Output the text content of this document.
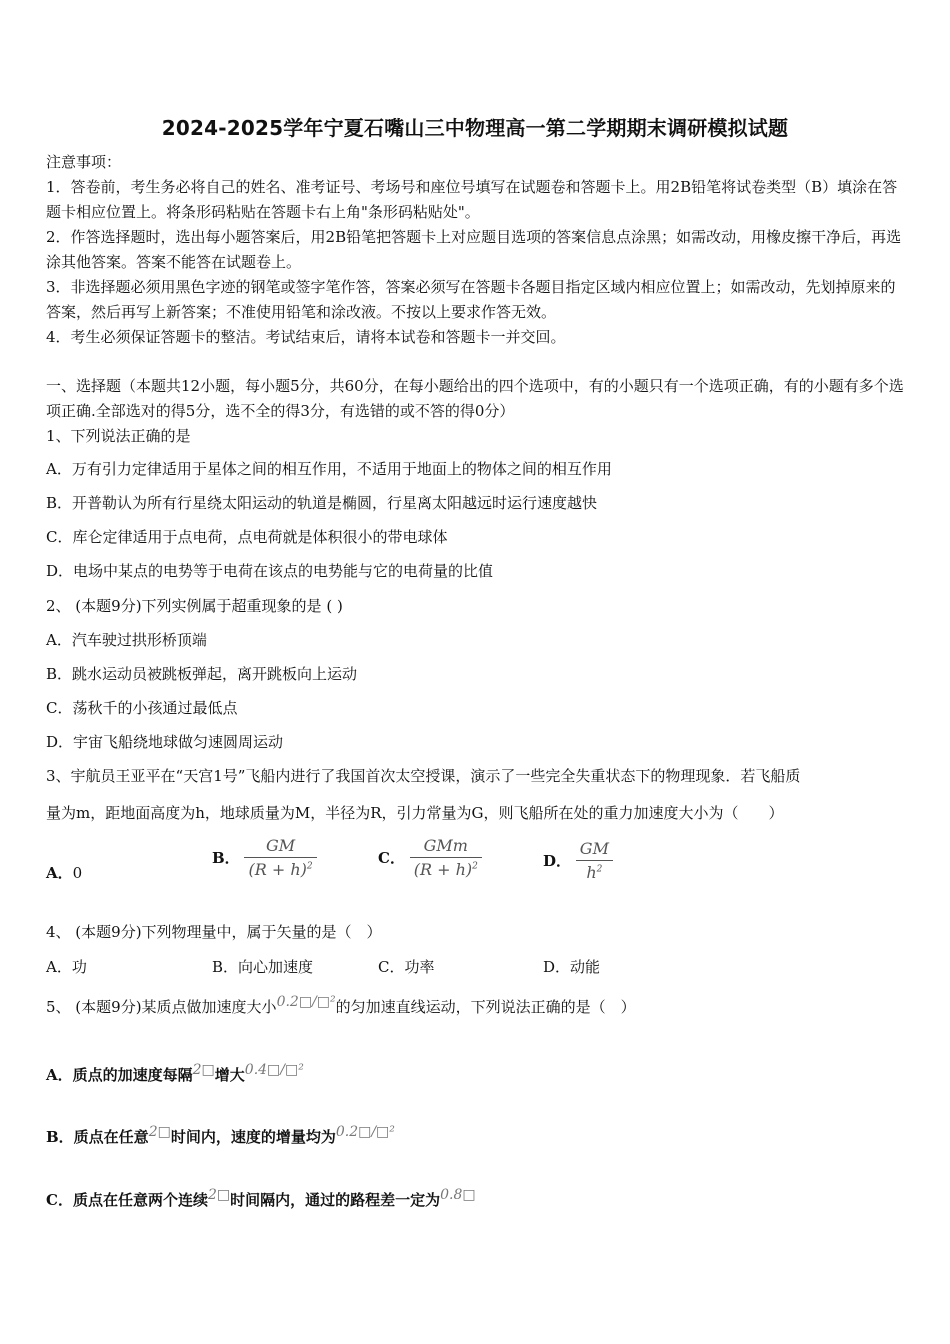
2024-2025学年宁夏石嘴山三中物理高一第二学期期末调研模拟试题
注意事项：
1．答卷前，考生务必将自己的姓名、准考证号、考场号和座位号填写在试题卷和答题卡上。用2B铅笔将试卷类型（B）填涂在答题卡相应位置上。将条形码粘贴在答题卡右上角"条形码粘贴处"。
2．作答选择题时，选出每小题答案后，用2B铅笔把答题卡上对应题目选项的答案信息点涂黑；如需改动，用橡皮擦干净后，再选涂其他答案。答案不能答在试题卷上。
3．非选择题必须用黑色字迹的钢笔或签字笔作答，答案必须写在答题卡各题目指定区域内相应位置上；如需改动，先划掉原来的答案，然后再写上新答案；不准使用铅笔和涂改液。不按以上要求作答无效。
4．考生必须保证答题卡的整洁。考试结束后，请将本试卷和答题卡一并交回。
一、选择题（本题共12小题，每小题5分，共60分，在每小题给出的四个选项中，有的小题只有一个选项正确，有的小题有多个选项正确.全部选对的得5分，选不全的得3分，有选错的或不答的得0分）
1、下列说法正确的是
A．万有引力定律适用于星体之间的相互作用，不适用于地面上的物体之间的相互作用
B．开普勒认为所有行星绕太阳运动的轨道是椭圆，行星离太阳越远时运行速度越快
C．库仑定律适用于点电荷，点电荷就是体积很小的带电球体
D．电场中某点的电势等于电荷在该点的电势能与它的电荷量的比值
2、 (本题9分)下列实例属于超重现象的是 ( )
A．汽车驶过拱形桥顶端
B．跳水运动员被跳板弹起，离开跳板向上运动
C．荡秋千的小孩通过最低点
D．宇宙飞船绕地球做匀速圆周运动
3、宇航员王亚平在“天宫1号”飞船内进行了我国首次太空授课，演示了一些完全失重状态下的物理现象．若飞船质
量为m，距地面高度为h，地球质量为M，半径为R，引力常量为G，则飞船所在处的重力加速度大小为（　　）
A．0
B． $\frac{GM}{(R + h)^2}$	C． $\frac{\text{GMm}}{(R + h)^2}$	D． $\frac{GM}{h^2}$
4、 (本题9分)下列物理量中，属于矢量的是（　）
A．功	B．向心加速度	C．功率	D．动能
5、 (本题9分)某质点做加速度大小0.2□/□²的匀加速直线运动，下列说法正确的是（　）
A．质点的加速度每隔2□增大0.4□/□²
B．质点在任意2□时间内，速度的增量均为0.2□/□²
C．质点在任意两个连续2□时间隔内，通过的路程差一定为0.8□
